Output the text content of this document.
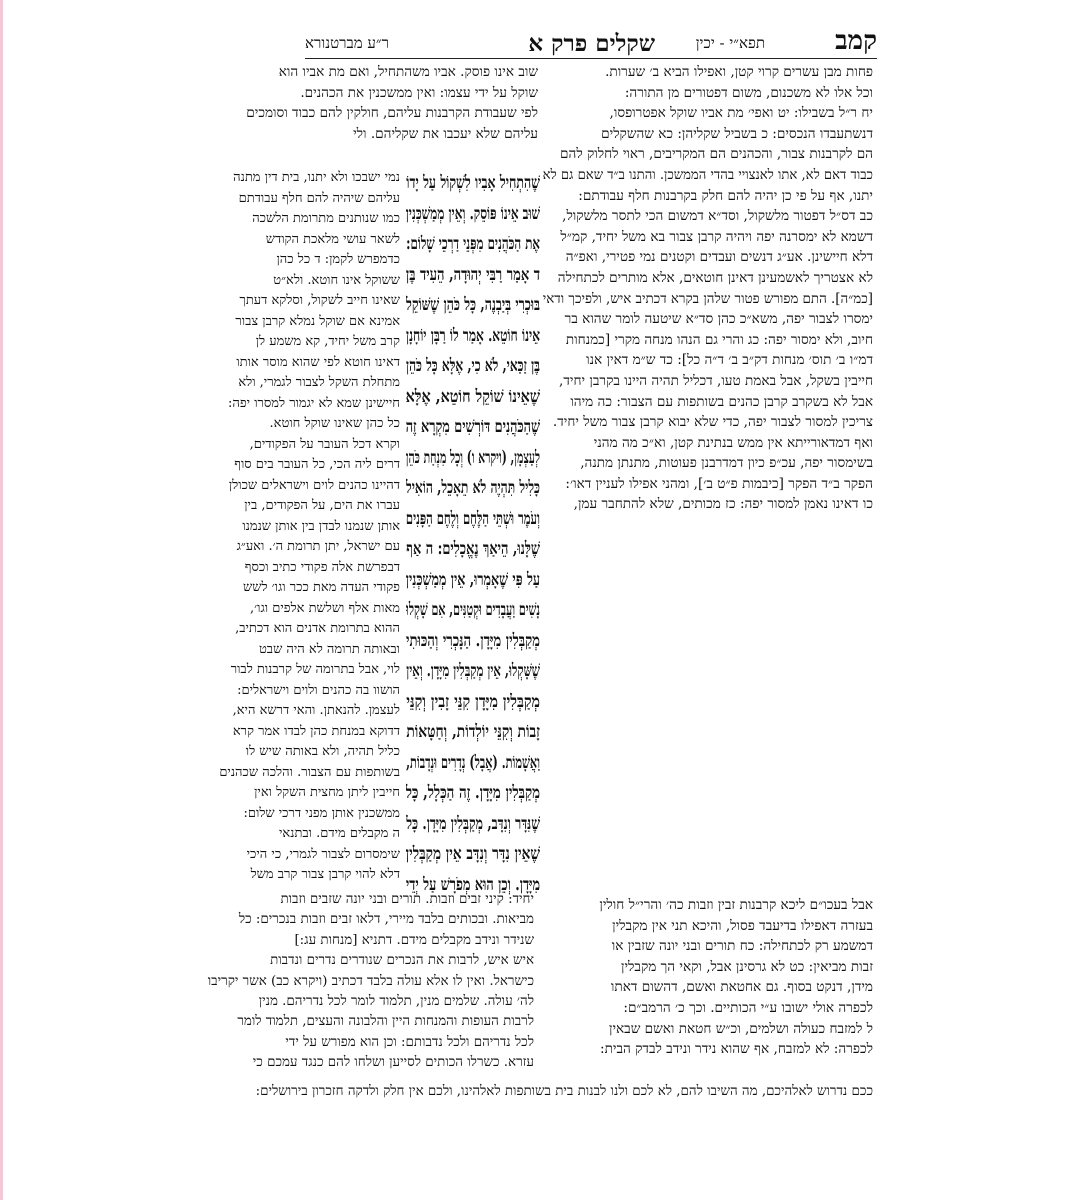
קמב
תפא״י - יכין
שקלים פרק א
ר״ע מברטנורא
פחות מבן עשרים קרוי קטן, ואפילו הביא ב׳ שערות.
וכל אלו לא משכנום, משום דפטורים מן התורה:
יח ר״ל בשבילו: יט ואפי׳ מת אביו שוקל אפטרופסו,
דנשתעבדו הנכסים: כ בשביל שקליהן: כא שהשקלים
הם לקרבנות צבור, והכהנים הם המקריבים, ראוי לחלוק להם
כבוד דאם לא, אתו לאנצויי בהדי הממשכן. והתנו ב״ד שאם גם לא
יתנו, אף על פי כן יהיה להם חלק בקרבנות חלף עבודתם:
כב דס״ל דפטור מלשקול, וסד״א דמשום הכי לתסר מלשקול,
דשמא לא ימסרנה יפה ויהיה קרבן צבור בא משל יחיד, קמ״ל
דלא חיישינן. אע״ג דנשים ועבדים וקטנים נמי פטירי, ואפ״ה
לא אצטריך לאשמעינן דאינן חוטאים, אלא מותרים לכתחילה
[כמ״ה]. התם מפורש פטור שלהן בקרא דכתיב איש, ולפיכך ודאי
ימסרו לצבור יפה, משא״כ כהן סד״א שיטעה לומר שהוא בר
חיוב, ולא ימסור יפה: כג והרי גם הנהו מנחה מקרי [כמנחות
דמ״ו ב׳ תוס׳ מנחות דק״ב ב׳ ד״ה כל]: כד ש״מ דאין אנו
חייבין בשקל, אבל באמת טעו, דכליל תהיה היינו בקרבן יחיד,
אבל לא בשקרב קרבן כהנים בשותפות עם הצבור: כה מיהו
צריכין למסור לצבור יפה, כדי שלא יבוא קרבן צבור משל יחיד.
ואף דמדאורייתא אין ממש בנתינת קטן, וא״כ מה מהני
בשימסור יפה, עכ״פ כיון דמדרבנן פעוטות, מתנתן מתנה,
הפקר ב״ד הפקר [כיבמות פ״ט ב׳], ומהני אפילו לעניין דאו׳:
כו דאינו נאמן למסור יפה: כז מכותים, שלא להתחבר עמן,
אבל בעכו״ם ליכא קרבנות זבין וזבות כה׳ והרי״ל חולין
בעזרה דאפילו בדיעבד פסול, והיכא תני אין מקבלין
דמשמע רק לכתחילה: כח תורים ובני יונה שזבין או
זבות מביאין: כט לא גרסינן אבל, וקאי הך מקבלין
מידן, דנקט בסוף. גם אחטאת ואשם, דהשום דאתו
לכפרה אולי ישובו ע״י הכותיים. וכך כ׳ הרמב״ם:
ל למזבח כעולה ושלמים, וכ״ש חטאת ואשם שבאין
לכפרה: לא למזבח, אף שהוא נידר ונידב לבדק הבית:
שוב אינו פוסק. אביו משהתחיל, ואם מת אביו הוא
שוקל על ידי עצמו: ואין ממשכנין את הכהנים.
לפי שעבודת הקרבנות עליהם, חולקין להם כבוד וסומכים
עליהם שלא יעכבו את שקליהם. ולי
שֶׁהִתְחִיל אָבִיו לִשְׁקוֹל עַל יָדוֹ
שׁוּב אֵינוֹ פּוֹסֵק. וְאֵין מְמַשְׁכְּנִין
אֶת הַכֹּהֲנִים מִפְּנֵי דַרְכֵי שָׁלוֹם:
ד אָמַר רַבִּי יְהוּדָה, הֵעִיד בֶּן
בּוּכְרִי בְּיַבְנֶה, כָּל כֹּהֵן שֶׁשּׁוֹקֵל
אֵינוֹ חוֹטֵא. אָמַר לוֹ רַבָּן יוֹחָנָן
בֶּן זַכַּאי, לֹא כִי, אֶלָּא כָּל כֹּהֵן
שֶׁאֵינוֹ שׁוֹקֵל חוֹטֵא, אֶלָּא
שֶׁהַכֹּהֲנִים דּוֹרְשִׁים מִקְרָא זֶה
לְעַצְמָן, (ויקרא ו) וְכָל מִנְחַת כֹּהֵן
כָּלִיל תִּהְיֶה לֹא תֵאָכֵל, הוֹאִיל
וְעֹמֶר וּשְׁתֵּי הַלֶּחֶם וְלֶחֶם הַפָּנִים
שֶׁלָּנוּ, הֵיאַךְ נֶאֱכָלִים: ה אַף
עַל פִּי שֶׁאָמְרוּ, אֵין מְמַשְׁכְּנִין
נָשִׁים וַעֲבָדִים וּקְטַנִּים, אִם שָׁקְלוּ
מְקַבְּלִין מִיָּדָן. הַנָּכְרִי וְהַכּוּתִי
שֶׁשָּׁקְלוּ, אֵין מְקַבְּלִין מִיָּדָן. וְאֵין
מְקַבְּלִין מִיָּדָן קִנֵּי זָבִין וְקִנֵּי
זָבוֹת וְקִנֵּי יוֹלְדוֹת, וְחַטָּאוֹת
וַאֲשָׁמוֹת. (אֲבָל) נְדָרִים וּנְדָבוֹת,
מְקַבְּלִין מִיָּדָן. זֶה הַכְּלָל, כָּל
שֶׁנִּדָּר וְנִדָּב, מְקַבְּלִין מִיָּדָן. כָּל
שֶׁאֵין נִדָּר וְנִדָּב אֵין מְקַבְּלִין
מִיָּדָן. וְכֵן הוּא מְפֹרָשׁ עַל יְדֵי
נמי ישבכו ולא יתנו, בית דין מתנה
עליהם שיהיה להם חלף עבודתם
כמו שנותנים מתרומת הלשכה
לשאר עושי מלאכת הקודש
כדמפרש לקמן: ד כל כהן
ששוקל אינו חוטא. ולא״ט
שאינו חייב לשקול, וסלקא דעתך
אמינא אם שוקל נמלא קרבן צבור
קרב משל יחיד, קא משמע לן
דאינו חוטא לפי שהוא מוסר אותו
מתחלת השקל לצבור לגמרי, ולא
חיישינן שמא לא יגמור למסרו יפה:
כל כהן שאינו שוקל חוטא.
וקרא דכל העובר על הפקודים,
דרים ליה הכי, כל העובר בים סוף
דהיינו כהנים לוים וישראלים שכולן
עברו את הים, על הפקודים, בין
אותן שנמנו לבדן בין אותן שנמנו
עם ישראל, יתן תרומת ה׳. ואע״ג
דבפרשת אלה פקודי כתיב וכסף
פקודי העדה מאת ככר וגו׳ לשש
מאות אלף ושלשת אלפים וגו׳,
ההוא בתרומת אדנים הוא דכתיב,
ובאותה תרומה לא היה שבט
לוי, אבל בתרומה של קרבנות לבור
הושוו בה כהנים ולוים וישראלים:
לעצמן. להנאתן. והאי דרשא היא,
דדוקא במנחת כהן לבדו אמר קרא
כליל תהיה, ולא באותה שיש לו
בשותפות עם הצבור. והלכה שכהנים
חייבין ליתן מחצית השקל ואין
ממשכנין אותן מפני דרכי שלום:
ה מקבלים מידם. ובתנאי
שימסרום לצבור לגמרי, כי היכי
דלא להוי קרבן צבור קרב משל
יחיד: קיני זבים וזבות. תורים ובני יונה שזבים וזבות
מביאות. ובכותים בלבד מיירי, דלאו זבים וזבות בנכרים: כל
שנידר ונידב מקבלים מידם. דתניא [מנחות עג:]
איש איש, לרבות את הנכרים שנודרים נדרים ונדבות
כישראל. ואין לו אלא עולה בלבד דכתיב (ויקרא כב) אשר יקריבו
לה׳ עולה. שלמים מנין, תלמוד לומר לכל נדריהם. מנין
לרבות העופות והמנחות היין והלבונה והעצים, תלמוד לומר
לכל נדריהם ולכל נדבותם: וכן הוא מפורש על ידי
עזרא. כשרלו הכותים לסייען ושלחו להם כנגד עמכם כי
ככם נדרוש לאלהיכם, מה השיבו להם, לא לכם ולנו לבנות בית בשותפות לאלהינו, ולכם אין חלק ולדקה חזכרון בירושלים:
